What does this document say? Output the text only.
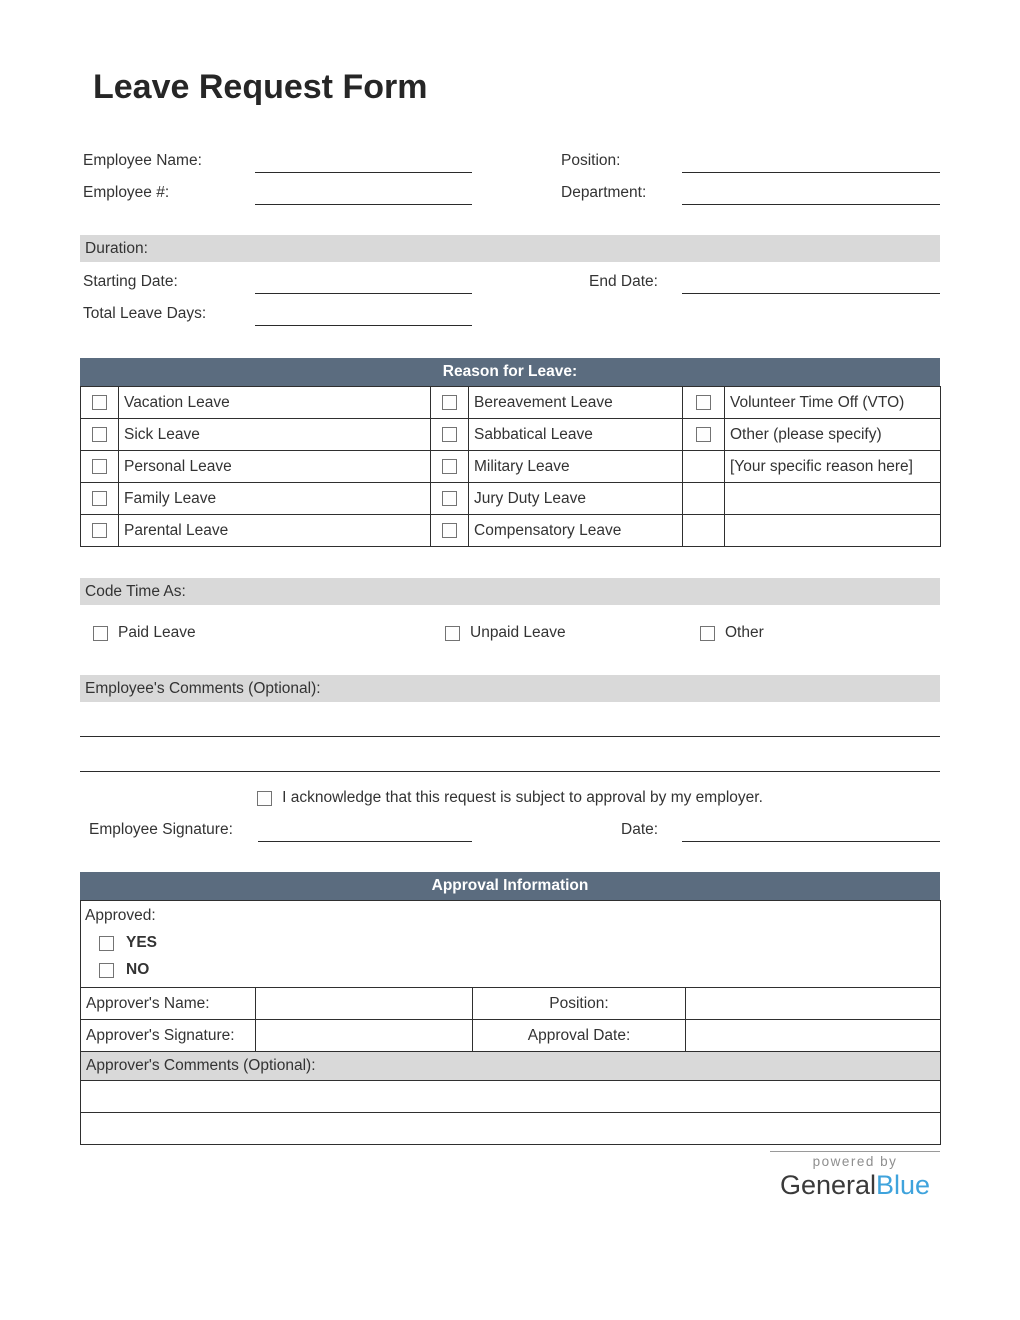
Leave Request Form
Employee Name:	Position:
Employee #:	Department:
Duration:
Starting Date:	End Date:
Total Leave Days:
Reason for Leave:
	Vacation Leave		Bereavement Leave		Volunteer Time Off (VTO)
	Sick Leave		Sabbatical Leave		Other (please specify)
	Personal Leave		Military Leave		[Your specific reason here]
	Family Leave		Jury Duty Leave		
	Parental Leave		Compensatory Leave		
Code Time As:
Paid Leave	Unpaid Leave	Other
Employee's Comments (Optional):
I acknowledge that this request is subject to approval by my employer.
Employee Signature:	Date:
Approval Information
Approved:
YES
NO			

Approver's Name:		Position:	
Approver's Signature:		Approval Date:	
Approver's Comments (Optional):			

powered by
GeneralBlue
